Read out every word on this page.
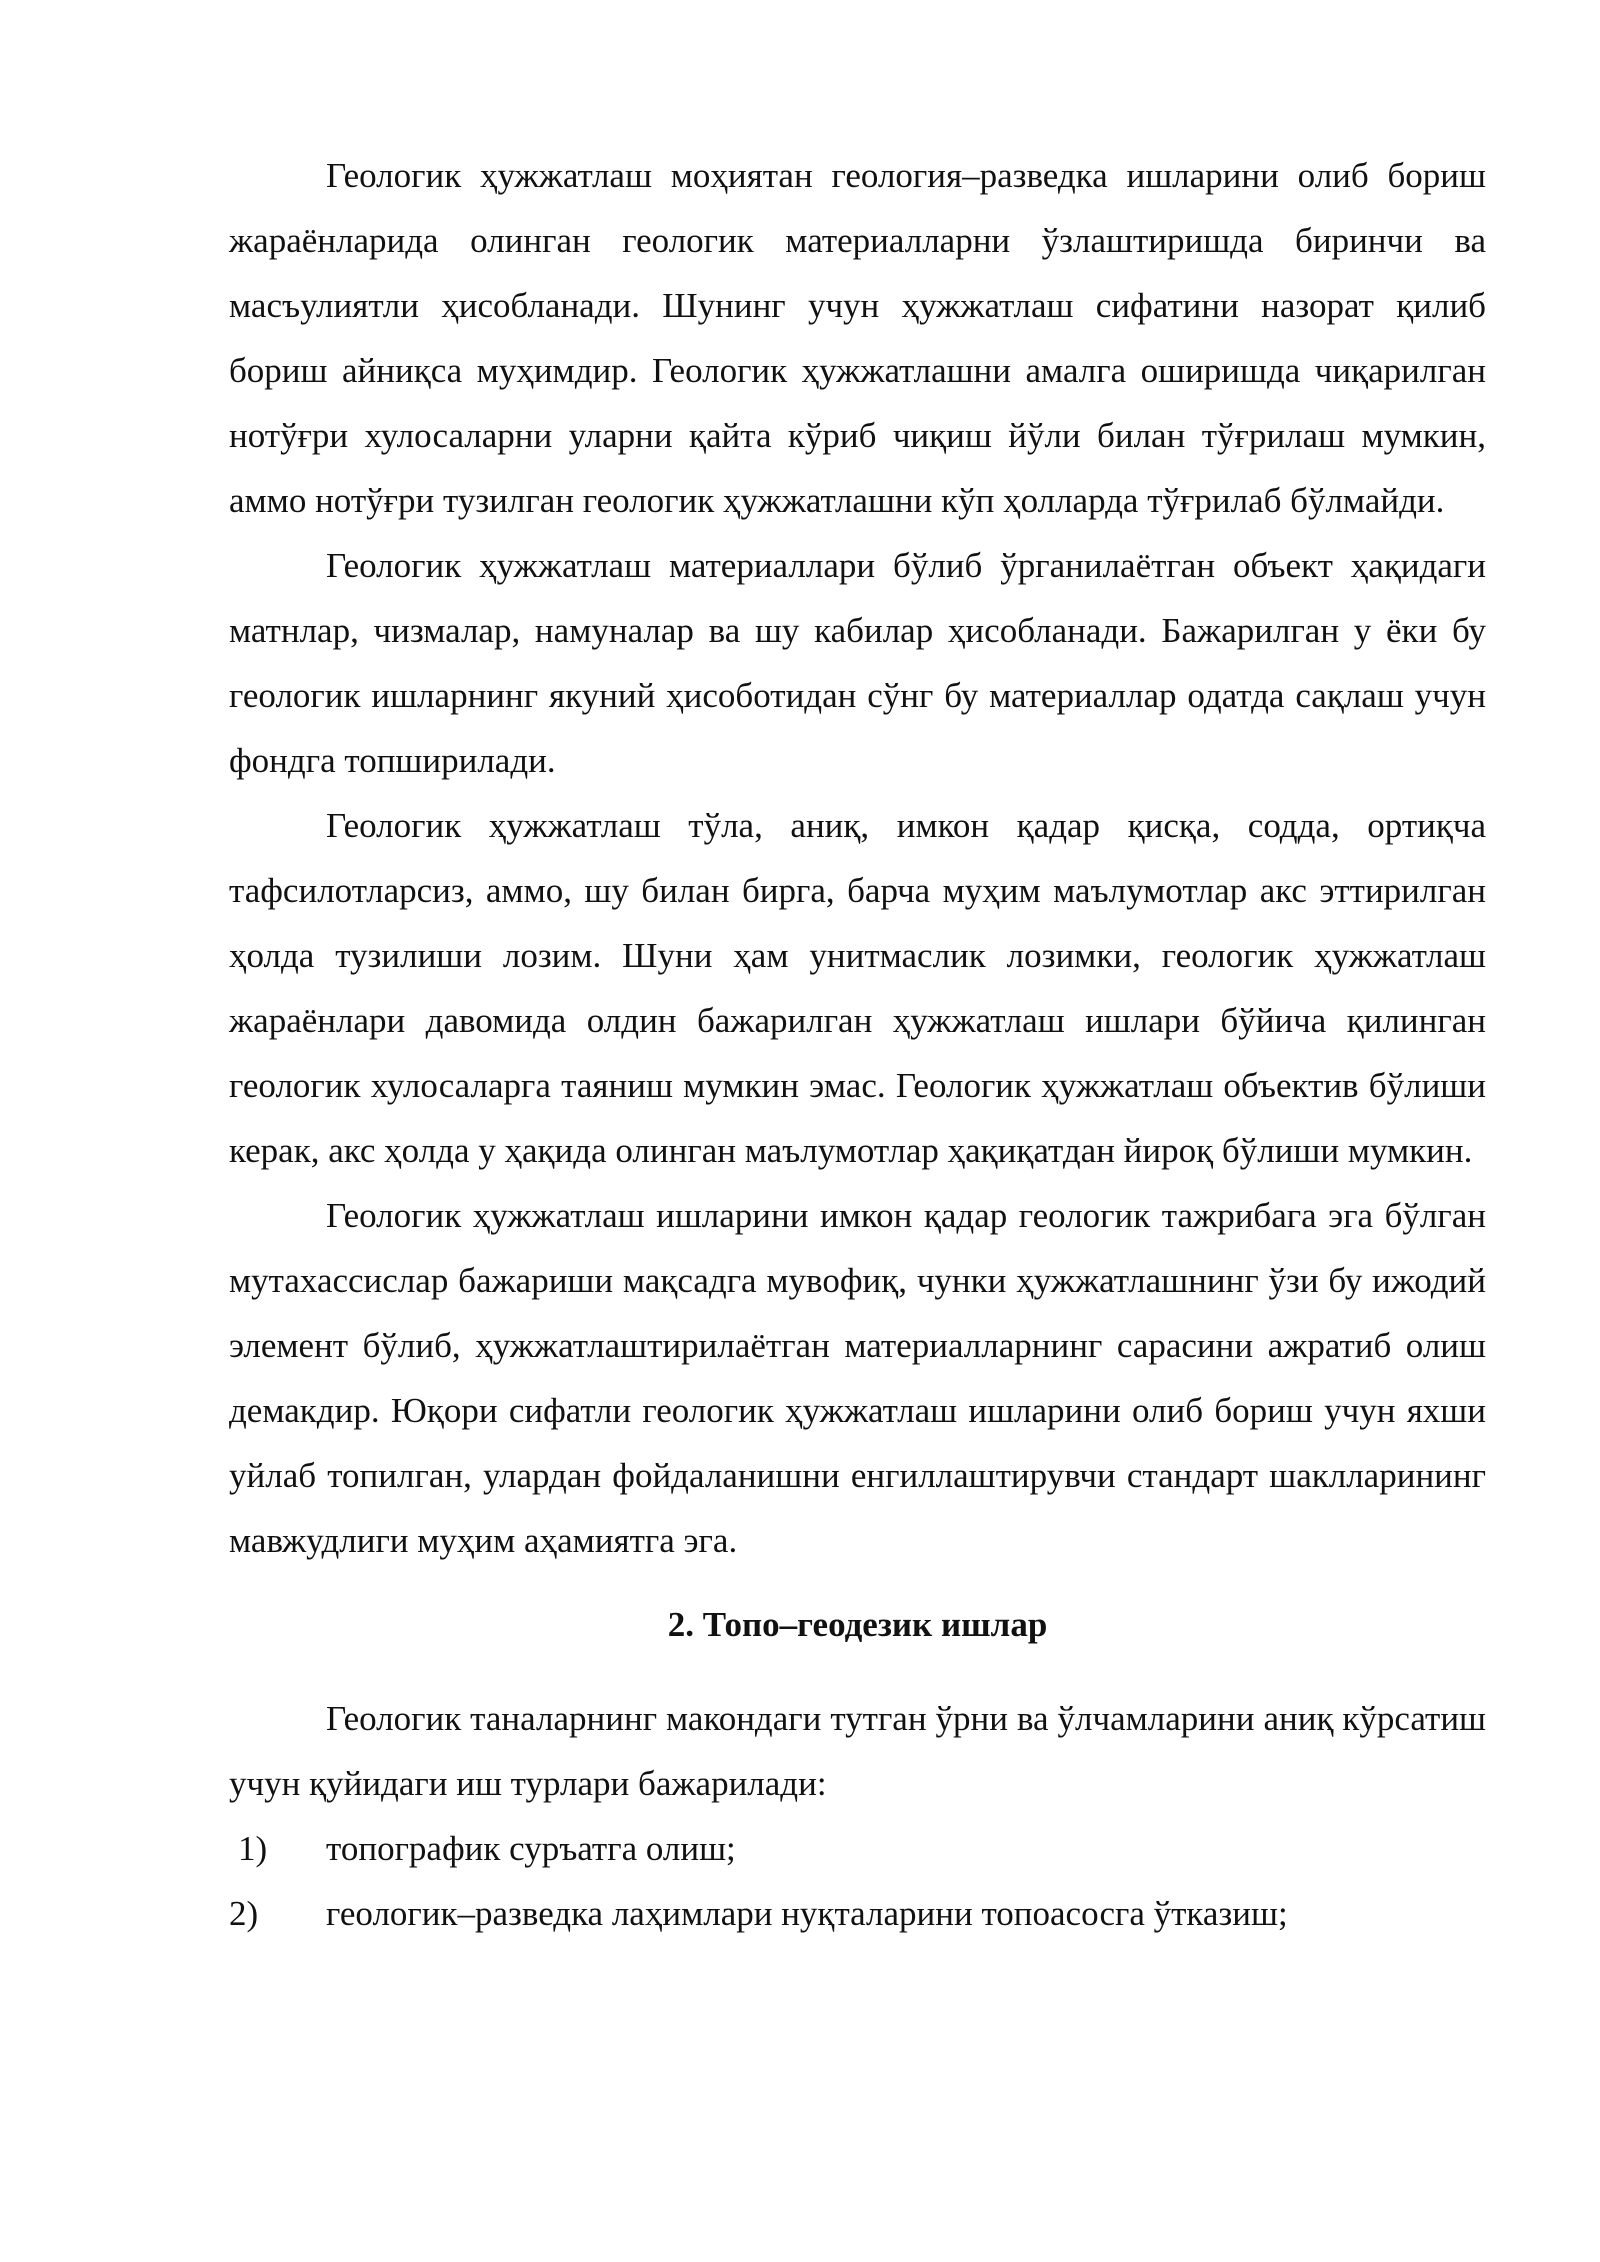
Геологик ҳужжатлаш моҳиятан геология–разведка ишларини олиб бориш жараёнларида олинган геологик материалларни ўзлаштиришда биринчи ва масъулиятли ҳисобланади. Шунинг учун ҳужжатлаш сифатини назорат қилиб бориш айниқса муҳимдир. Геологик ҳужжатлашни амалга оширишда чиқарилган нотўғри хулосаларни уларни қайта кўриб чиқиш йўли билан тўғрилаш мумкин, аммо нотўғри тузилган геологик ҳужжатлашни кўп ҳолларда тўғрилаб бўлмайди.

Геологик ҳужжатлаш материаллари бўлиб ўрганилаётган объект ҳақидаги матнлар, чизмалар, намуналар ва шу кабилар ҳисобланади. Бажарилган у ёки бу геологик ишларнинг якуний ҳисоботидан сўнг бу материаллар одатда сақлаш учун фондга топширилади.

Геологик ҳужжатлаш тўла, аниқ, имкон қадар қисқа, содда, ортиқча тафсилотларсиз, аммо, шу билан бирга, барча муҳим маълумотлар акс эттирилган ҳолда тузилиши лозим. Шуни ҳам унитмаслик лозимки, геологик ҳужжатлаш жараёнлари давомида олдин бажарилган ҳужжатлаш ишлари бўйича қилинган геологик хулосаларга таяниш мумкин эмас. Геологик ҳужжатлаш объектив бўлиши керак, акс ҳолда у ҳақида олинган маълумотлар ҳақиқатдан йироқ бўлиши мумкин.

Геологик ҳужжатлаш ишларини имкон қадар геологик тажрибага эга бўлган мутахассислар бажариши мақсадга мувофиқ, чунки ҳужжатлашнинг ўзи бу ижодий элемент бўлиб, ҳужжатлаштирилаётган материалларнинг сарасини ажратиб олиш демакдир. Юқори сифатли геологик ҳужжатлаш ишларини олиб бориш учун яхши уйлаб топилган, улардан фойдаланишни енгиллаштирувчи стандарт шаклларининг мавжудлиги муҳим аҳамиятга эга.

2. Топо–геодезик ишлар

Геологик таналарнинг макондаги тутган ўрни ва ўлчамларини аниқ кўрсатиш учун қуйидаги иш турлари бажарилади:

1)	топографик суръатга олиш;
2)	геологик–разведка лаҳимлари нуқталарини топоасосга ўтказиш;
